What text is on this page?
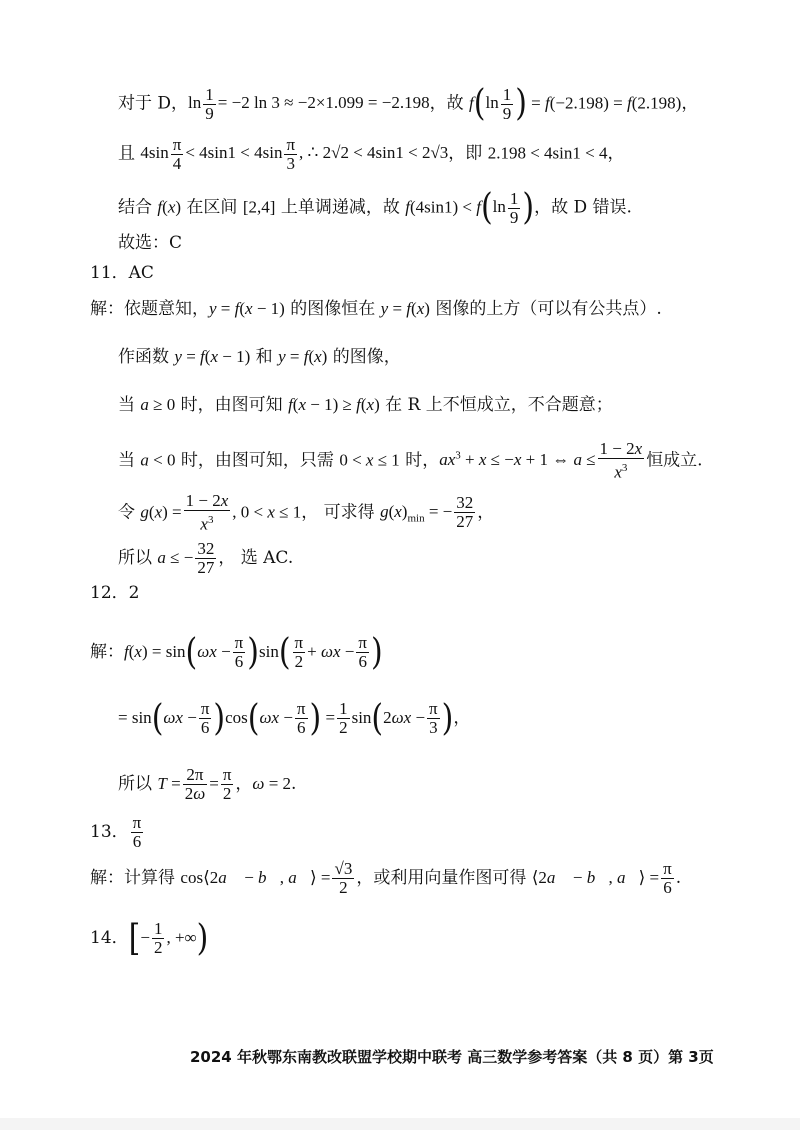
对于 D，$\ln \frac{1}{9} = -2$ ln 3 ≈ −2×1.099 = −2.198，故 $f(\ln \frac{1}{9}$ ) = f(−2.198) = f(2.198)，
且 $4\sin \frac{\pi}{4} < 4\sin 1 < 4\sin \frac{\pi}{3}$ , ∴ 2√2 < 4sin1 < 2√3，即 2.198 < 4sin1 < 4，
结合 f(x) 在区间 [2,4] 上单调递减，故 $f(4\sin 1) < f(\ln \frac{1}{9}$ )，故 D 错误.
故选：C
11．AC
解：依题意知，y = f(x − 1) 的图像恒在 y = f(x) 图像的上方（可以有公共点）.
作函数 y = f(x − 1) 和 y = f(x) 的图像，
当 a ≥ 0 时，由图可知 f(x − 1) ≥ f(x) 在 R 上不恒成立，不合题意；
当 a < 0 时，由图可知，只需 0 < x ≤ 1 时，$ax^3 + x \le -x + 1$ ⇔ $a \le \frac{1 - 2x}{x^3}$ 恒成立.
令 $g(x) = \frac{1 - 2x}{x^3}$ , 0 < x ≤ 1， 可求得 $g(x)_{min}$ = − $\frac{32}{27}$ ，
所以 a ≤ − $\frac{32}{27}$ ， 选 AC.
12．2
解：$f(x) = \sin(\omega x - \frac{\pi}{6} )\sin( \frac{\pi}{2} + \omega x - \frac{\pi}{6}$ )
= $\sin(\omega x - \frac{\pi}{6} )\cos(\omega x - \frac{\pi}{6}$ ) = $\frac{1}{2} \sin(2\omega x - \frac{\pi}{3}$ )，
所以 $T = \frac{2\pi}{2\omega} = \frac{\pi}{2}$ ，ω = 2.
13． $\frac{\pi}{6}$
解：计算得 cos⟨2a⃗ − b⃗, a⃗⟩ = $\frac{√3}{2}$ ，或利用向量作图可得 ⟨2a⃗ − b⃗, a⃗⟩ = $\frac{\pi}{6}$ .
14．[− $\frac{1}{2}$ , +∞)
2024 年秋鄂东南教改联盟学校期中联考 高三数学参考答案（共 8 页）第 3页
